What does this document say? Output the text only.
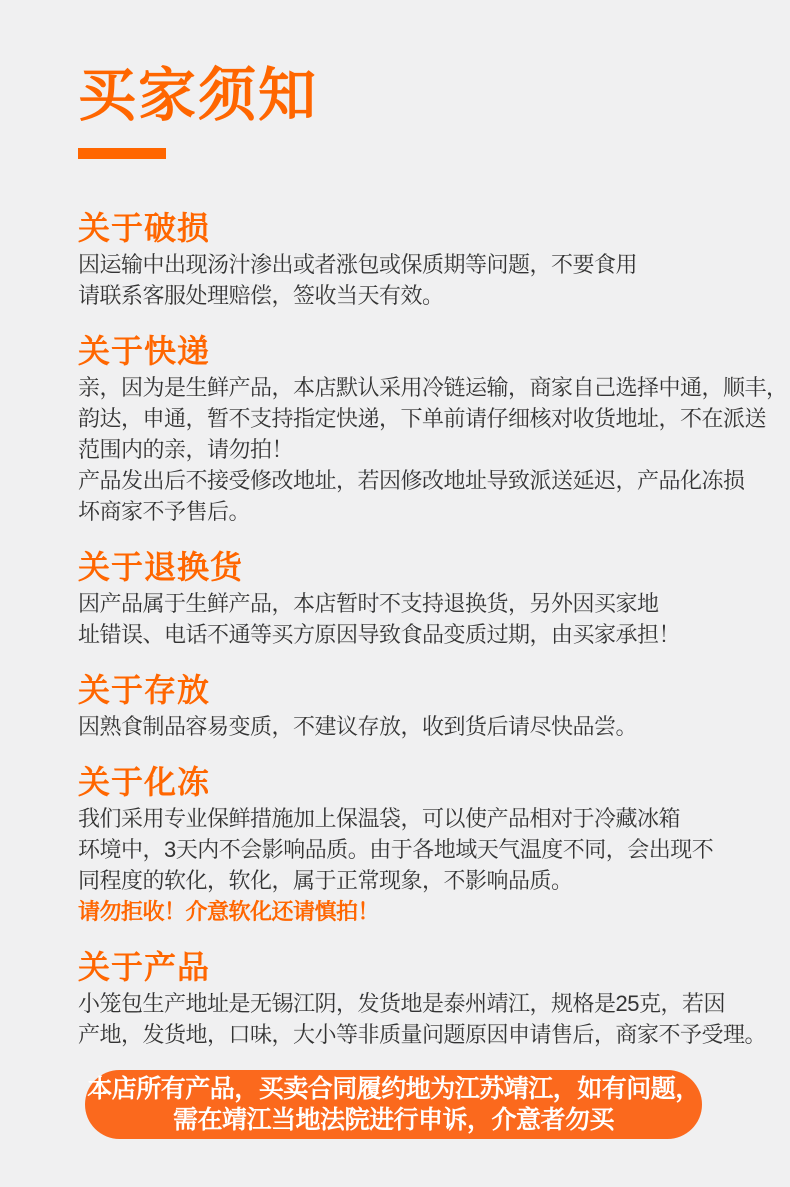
买家须知
关于破损

因运输中出现汤汁渗出或者涨包或保质期等问题，不要食用

请联系客服处理赔偿，签收当天有效。

关于快递

亲，因为是生鲜产品，本店默认采用冷链运输，商家自己选择中通，顺丰，

韵达，申通，暂不支持指定快递，下单前请仔细核对收货地址，不在派送

范围内的亲，请勿拍！

产品发出后不接受修改地址，若因修改地址导致派送延迟，产品化冻损

坏商家不予售后。

关于退换货

因产品属于生鲜产品，本店暂时不支持退换货，另外因买家地

址错误、电话不通等买方原因导致食品变质过期，由买家承担！

关于存放

因熟食制品容易变质，不建议存放，收到货后请尽快品尝。

关于化冻

我们采用专业保鲜措施加上保温袋，可以使产品相对于冷藏冰箱

环境中，3天内不会影响品质。由于各地域天气温度不同，会出现不

同程度的软化，软化，属于正常现象，不影响品质。

请勿拒收！介意软化还请慎拍！

关于产品

小笼包生产地址是无锡江阴，发货地是泰州靖江，规格是25克，若因

产地，发货地，口味，大小等非质量问题原因申请售后，商家不予受理。

本店所有产品，买卖合同履约地为江苏靖江，如有问题，

需在靖江当地法院进行申诉，介意者勿买
